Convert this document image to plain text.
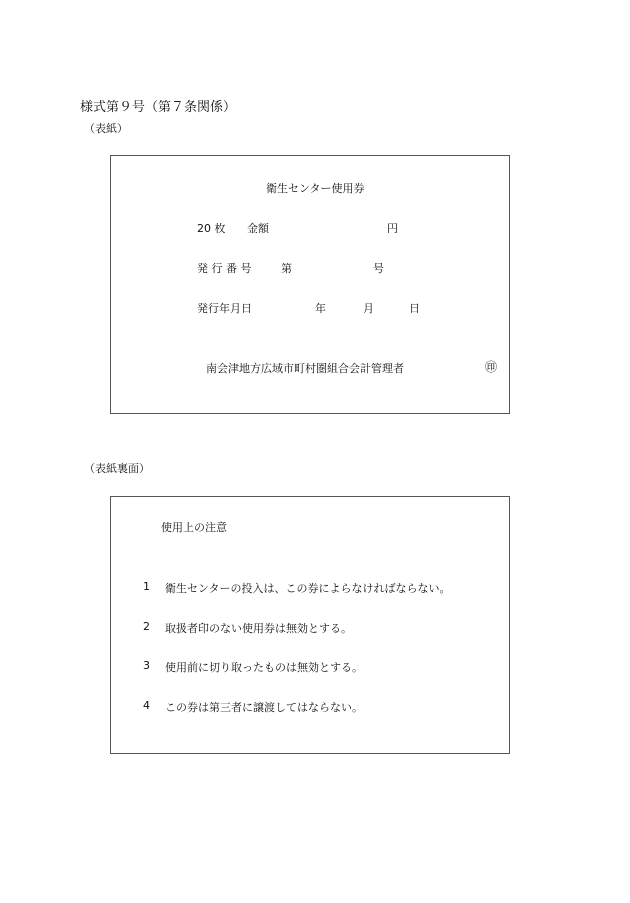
様式第９号（第７条関係）
（表紙）
衛生センター使用券
20 枚 金額	円
発 行 番 号	第	号
発行年月日	年	月	日
南会津地方広域市町村圏組合会計管理者	㊞
（表紙裏面）
使用上の注意
1 衛生センターの投入は、この券によらなければならない。
2 取扱者印のない使用券は無効とする。
3 使用前に切り取ったものは無効とする。
4 この券は第三者に譲渡してはならない。
